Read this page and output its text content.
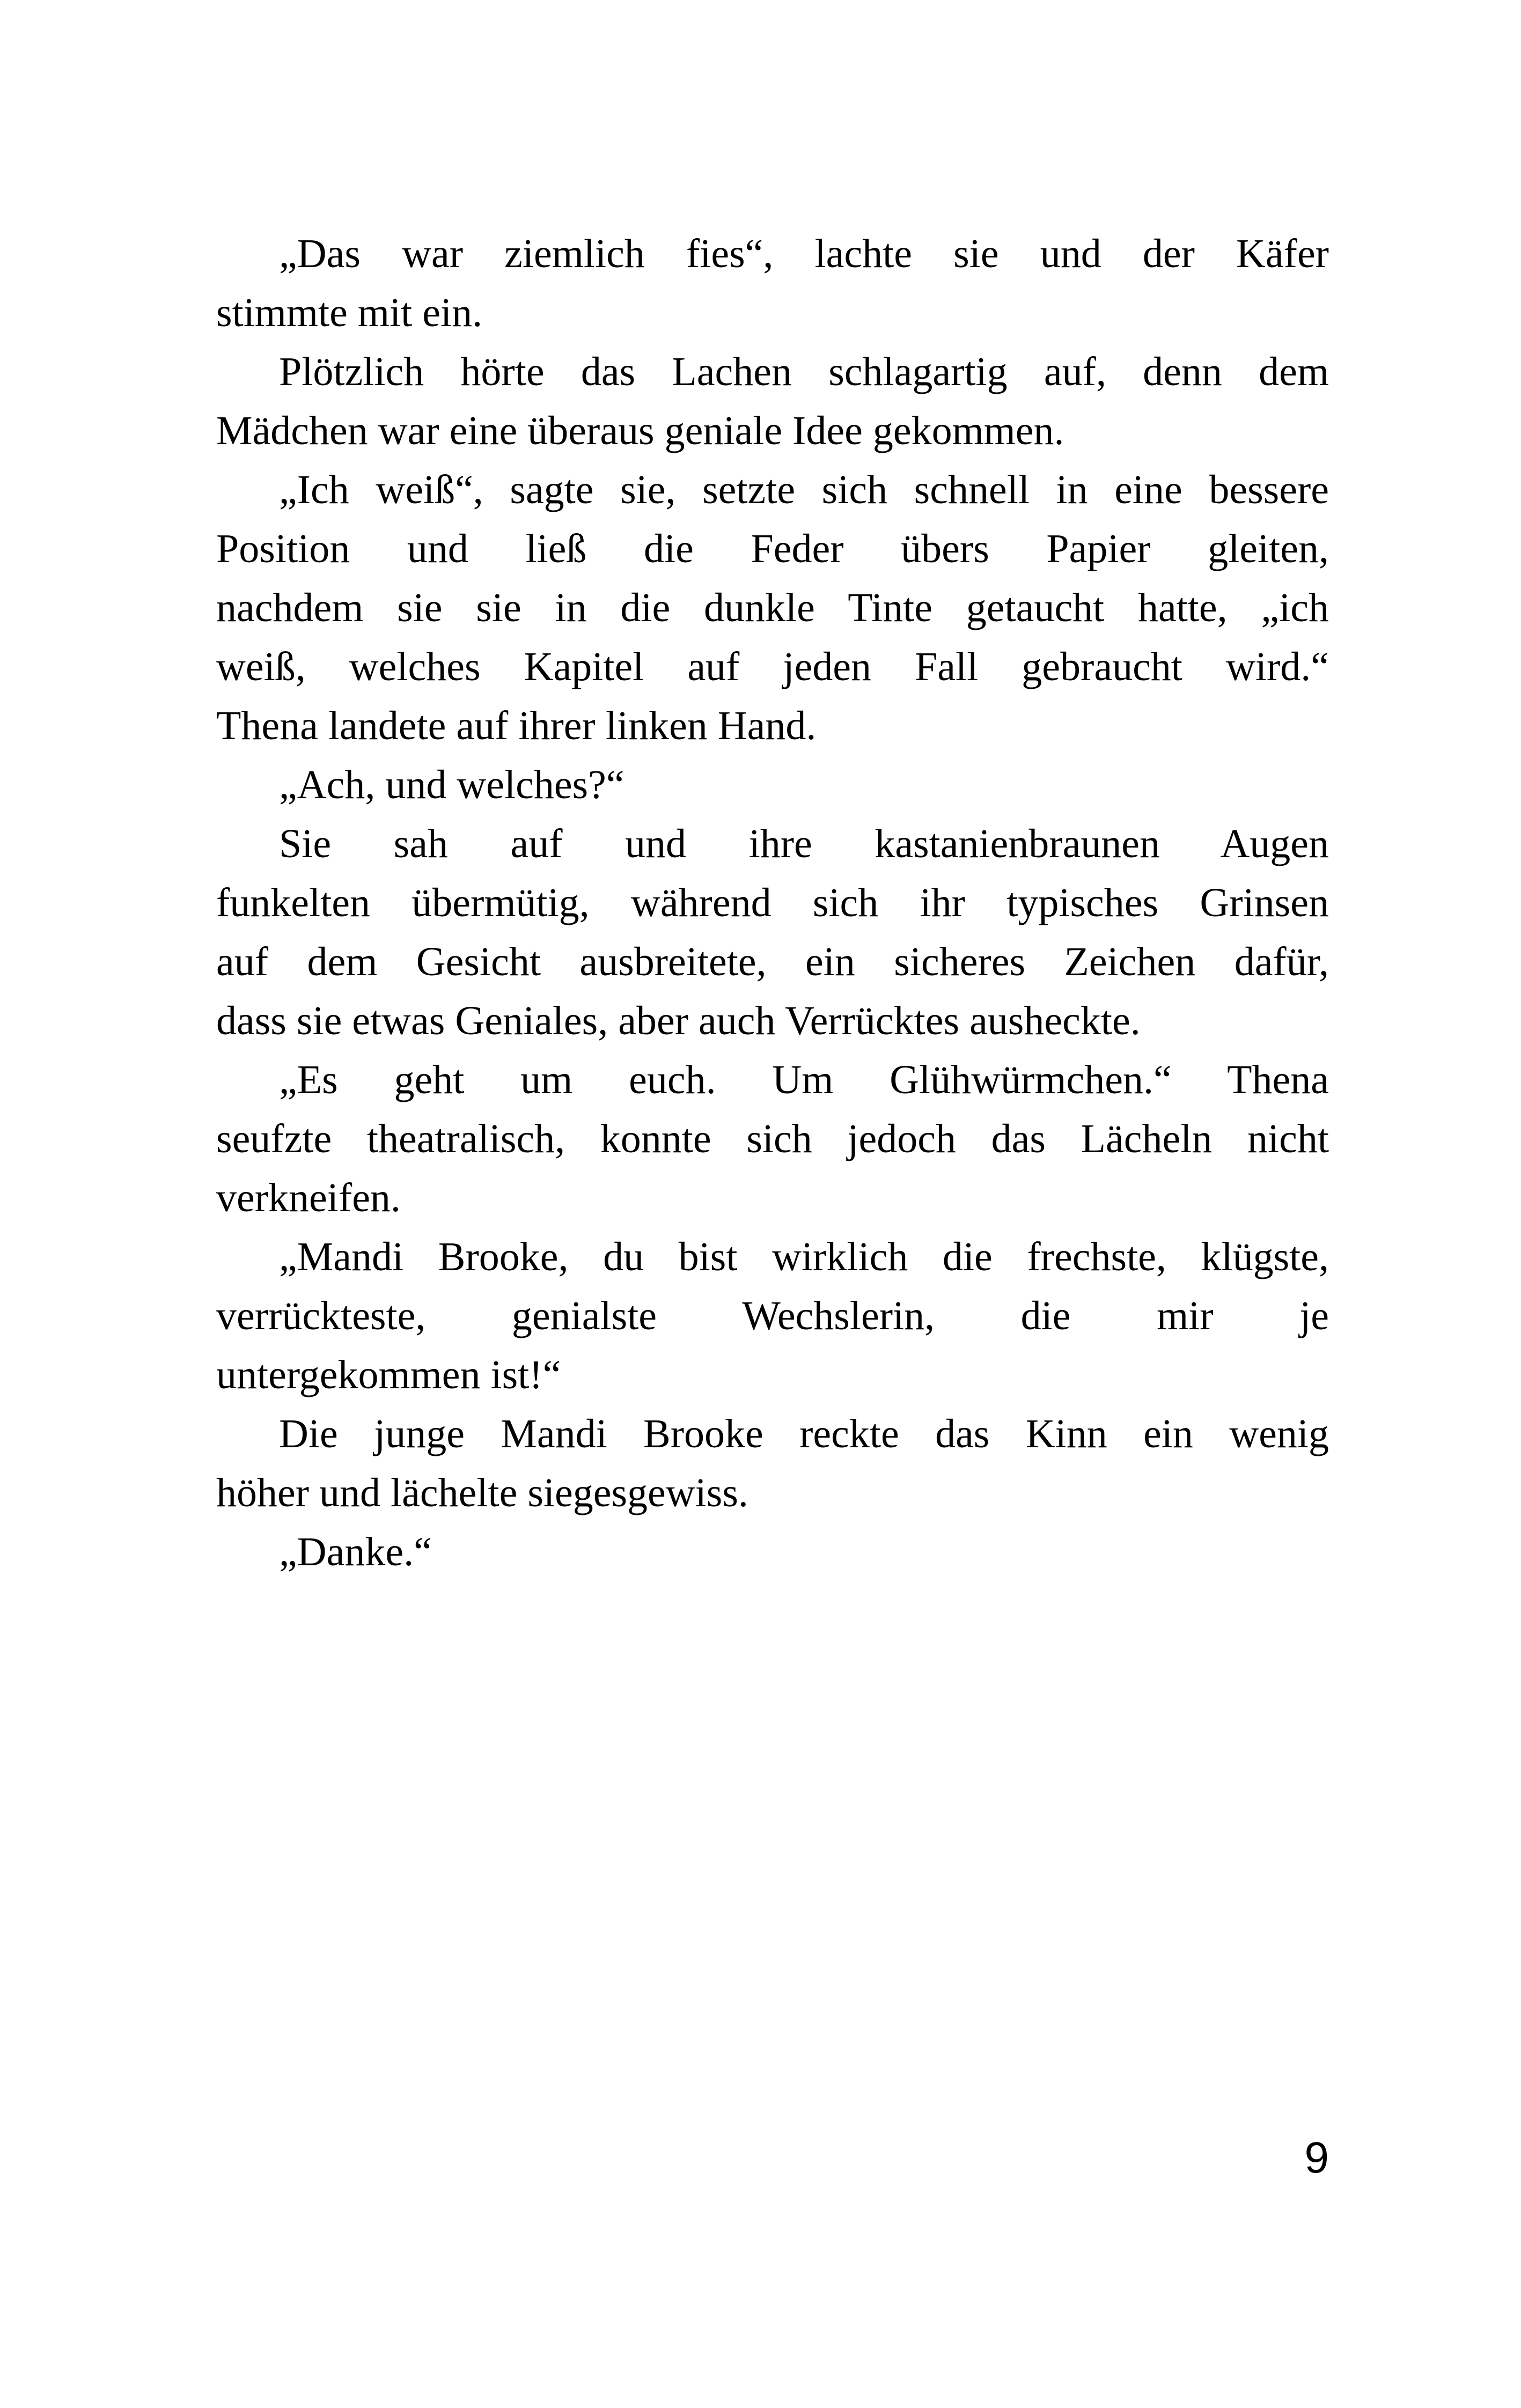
„Das war ziemlich fies“, lachte sie und der Käfer
stimmte mit ein.

Plötzlich hörte das Lachen schlagartig auf, denn dem
Mädchen war eine überaus geniale Idee gekommen.

„Ich weiß“, sagte sie, setzte sich schnell in eine bessere
Position und ließ die Feder übers Papier gleiten,
nachdem sie sie in die dunkle Tinte getaucht hatte, „ich
weiß, welches Kapitel auf jeden Fall gebraucht wird.“
Thena landete auf ihrer linken Hand.

„Ach, und welches?“

Sie sah auf und ihre kastanienbraunen Augen
funkelten übermütig, während sich ihr typisches Grinsen
auf dem Gesicht ausbreitete, ein sicheres Zeichen dafür,
dass sie etwas Geniales, aber auch Verrücktes ausheckte.

„Es geht um euch. Um Glühwürmchen.“ Thena
seufzte theatralisch, konnte sich jedoch das Lächeln nicht
verkneifen.

„Mandi Brooke, du bist wirklich die frechste, klügste,
verrückteste, genialste Wechslerin, die mir je
untergekommen ist!“

Die junge Mandi Brooke reckte das Kinn ein wenig
höher und lächelte siegesgewiss.

„Danke.“

9
